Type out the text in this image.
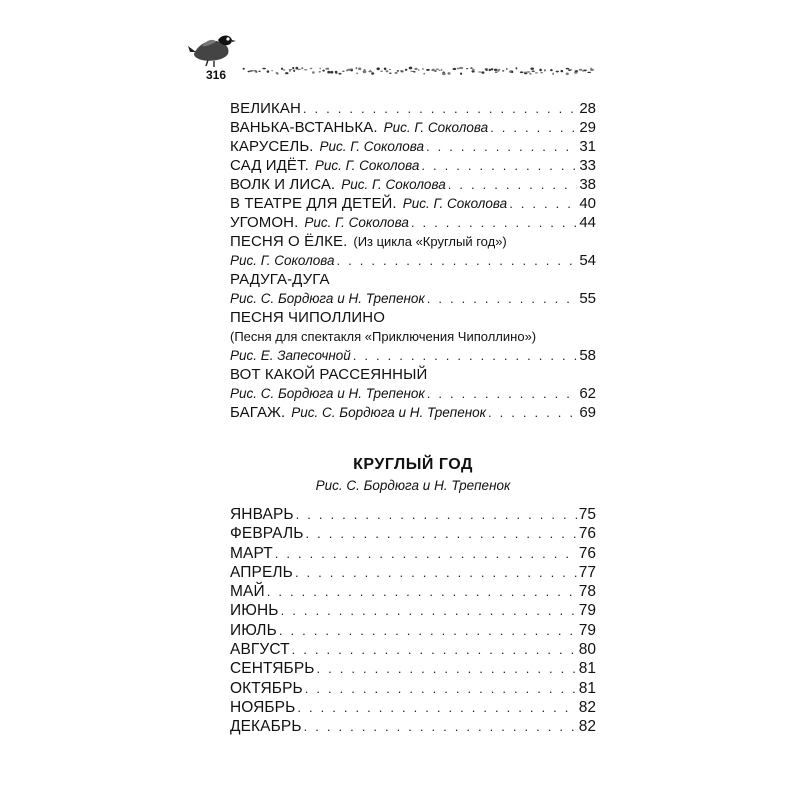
316
ВЕЛИКАН . . .	28
ВАНЬКА-ВСТАНЬКА. Рис. Г. Соколова . . .	29
КАРУСЕЛЬ. Рис. Г. Соколова . . .	31
САД ИДЁТ. Рис. Г. Соколова . . .	33
ВОЛК И ЛИСА. Рис. Г. Соколова . . .	38
В ТЕАТРЕ ДЛЯ ДЕТЕЙ. Рис. Г. Соколова . . .	40
УГОМОН. Рис. Г. Соколова . . .	44
ПЕСНЯ О ЁЛКЕ. (Из цикла «Круглый год»)
Рис. Г. Соколова . . .	54
РАДУГА-ДУГА
Рис. С. Бордюга и Н. Трепенок . . .	55
ПЕСНЯ ЧИПОЛЛИНО
(Песня для спектакля «Приключения Чиполлино»)
Рис. Е. Запесочной . . .	58
ВОТ КАКОЙ РАССЕЯННЫЙ
Рис. С. Бордюга и Н. Трепенок . . .	62
БАГАЖ. Рис. С. Бордюга и Н. Трепенок . . .	69
КРУГЛЫЙ ГОД
Рис. С. Бордюга и Н. Трепенок
ЯНВАРЬ . . .	75
ФЕВРАЛЬ . . .	76
МАРТ . . .	76
АПРЕЛЬ . . .	77
МАЙ . . .	78
ИЮНЬ . . .	79
ИЮЛЬ . . .	79
АВГУСТ . . .	80
СЕНТЯБРЬ . . .	81
ОКТЯБРЬ . . .	81
НОЯБРЬ . . .	82
ДЕКАБРЬ . . .	82
